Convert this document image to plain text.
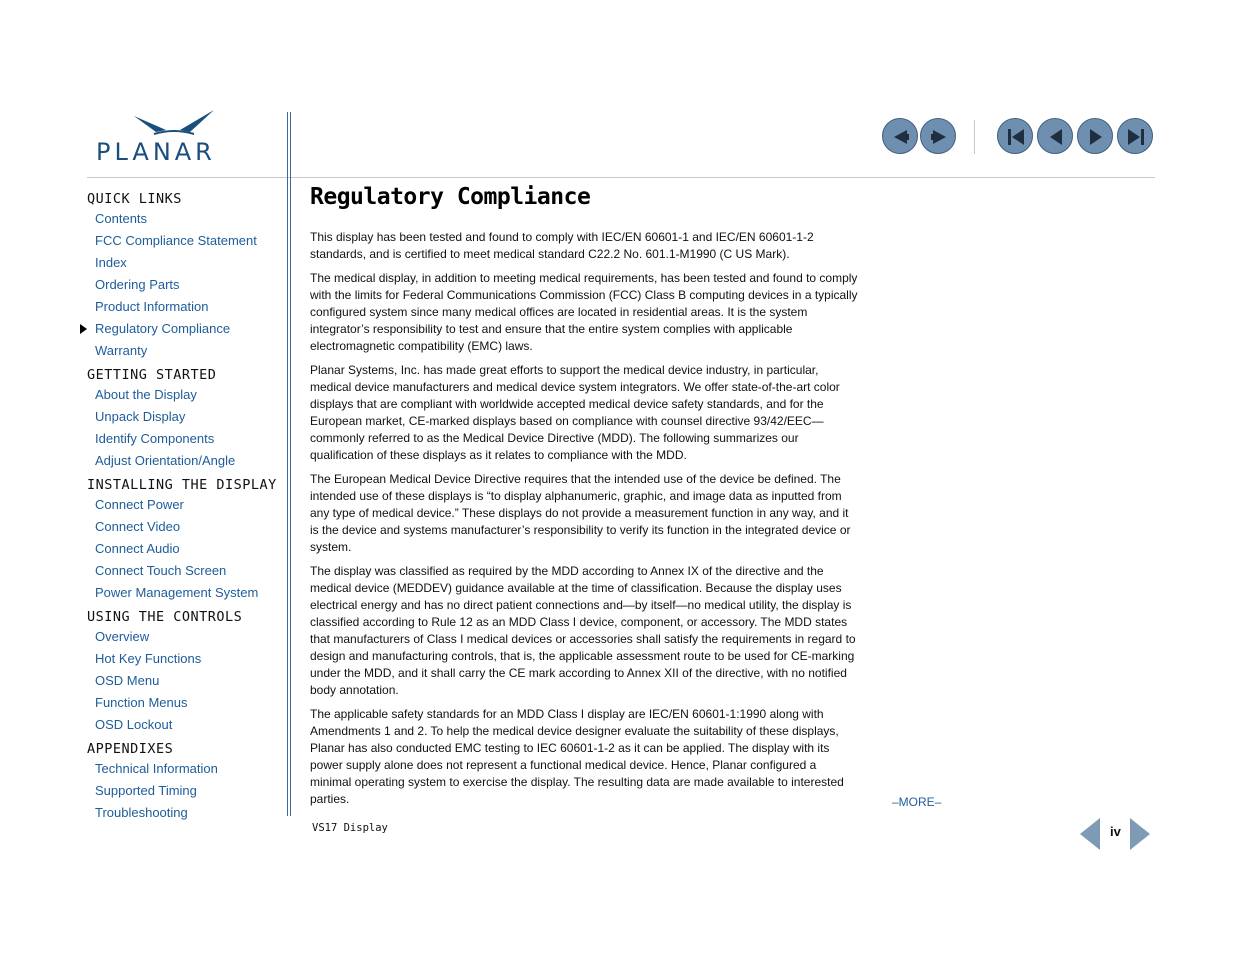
PLANAR
QUICK LINKS
Contents
FCC Compliance Statement
Index
Ordering Parts
Product Information
Regulatory Compliance
Warranty
GETTING STARTED
About the Display
Unpack Display
Identify Components
Adjust Orientation/Angle
INSTALLING THE DISPLAY
Connect Power
Connect Video
Connect Audio
Connect Touch Screen
Power Management System
USING THE CONTROLS
Overview
Hot Key Functions
OSD Menu
Function Menus
OSD Lockout
APPENDIXES
Technical Information
Supported Timing
Troubleshooting
Regulatory Compliance

This display has been tested and found to comply with IEC/EN 60601-1 and IEC/EN 60601-1-2 standards, and is certified to meet medical standard C22.2 No. 601.1-M1990 (C US Mark).

The medical display, in addition to meeting medical requirements, has been tested and found to comply with the limits for Federal Communications Commission (FCC) Class B computing devices in a typically configured system since many medical offices are located in residential areas. It is the system integrator’s responsibility to test and ensure that the entire system complies with applicable electromagnetic compatibility (EMC) laws.

Planar Systems, Inc. has made great efforts to support the medical device industry, in particular, medical device manufacturers and medical device system integrators. We offer state-of-the-art color displays that are compliant with worldwide accepted medical device safety standards, and for the European market, CE-marked displays based on compliance with counsel directive 93/42/EEC—commonly referred to as the Medical Device Directive (MDD). The following summarizes our qualification of these displays as it relates to compliance with the MDD.

The European Medical Device Directive requires that the intended use of the device be defined. The intended use of these displays is “to display alphanumeric, graphic, and image data as inputted from any type of medical device.” These displays do not provide a measurement function in any way, and it is the device and systems manufacturer’s responsibility to verify its function in the integrated device or system.

The display was classified as required by the MDD according to Annex IX of the directive and the medical device (MEDDEV) guidance available at the time of classification. Because the display uses electrical energy and has no direct patient connections and—by itself—no medical utility, the display is classified according to Rule 12 as an MDD Class I device, component, or accessory. The MDD states that manufacturers of Class I medical devices or accessories shall satisfy the requirements in regard to design and manufacturing controls, that is, the applicable assessment route to be used for CE-marking under the MDD, and it shall carry the CE mark according to Annex XII of the directive, with no notified body annotation.

The applicable safety standards for an MDD Class I display are IEC/EN 60601-1:1990 along with Amendments 1 and 2. To help the medical device designer evaluate the suitability of these displays, Planar has also conducted EMC testing to IEC 60601-1-2 as it can be applied. The display with its power supply alone does not represent a functional medical device. Hence, Planar configured a minimal operating system to exercise the display. The resulting data are made available to interested parties.	–MORE–
VS17 Display	iv
